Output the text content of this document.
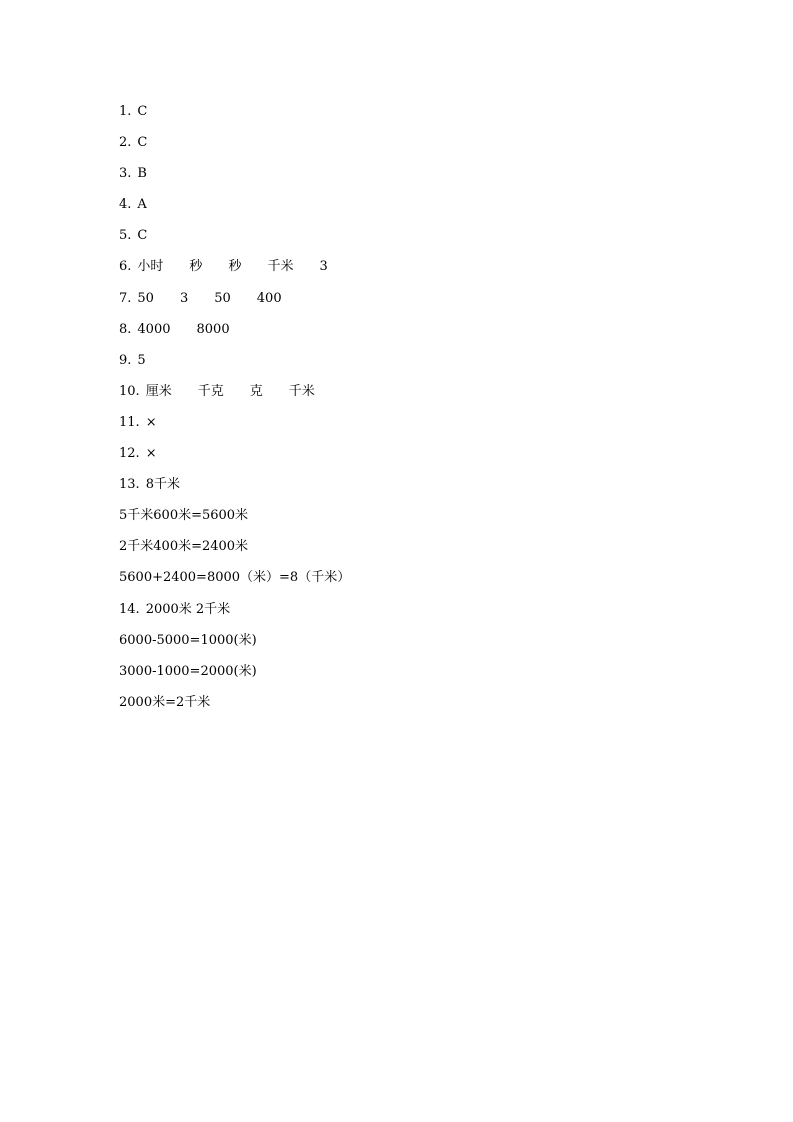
1. C
2. C
3. B
4. A
5. C
6. 小时 秒 秒 千米 3
7. 50 3 50 400
8. 4000 8000
9. 5
10. 厘米 千克 克 千米
11. ×
12. ×
13. 8千米
5千米600米=5600米
2千米400米=2400米
5600+2400=8000（米）=8（千米）
14. 2000米 2千米
6000-5000=1000(米)
3000-1000=2000(米)
2000米=2千米
